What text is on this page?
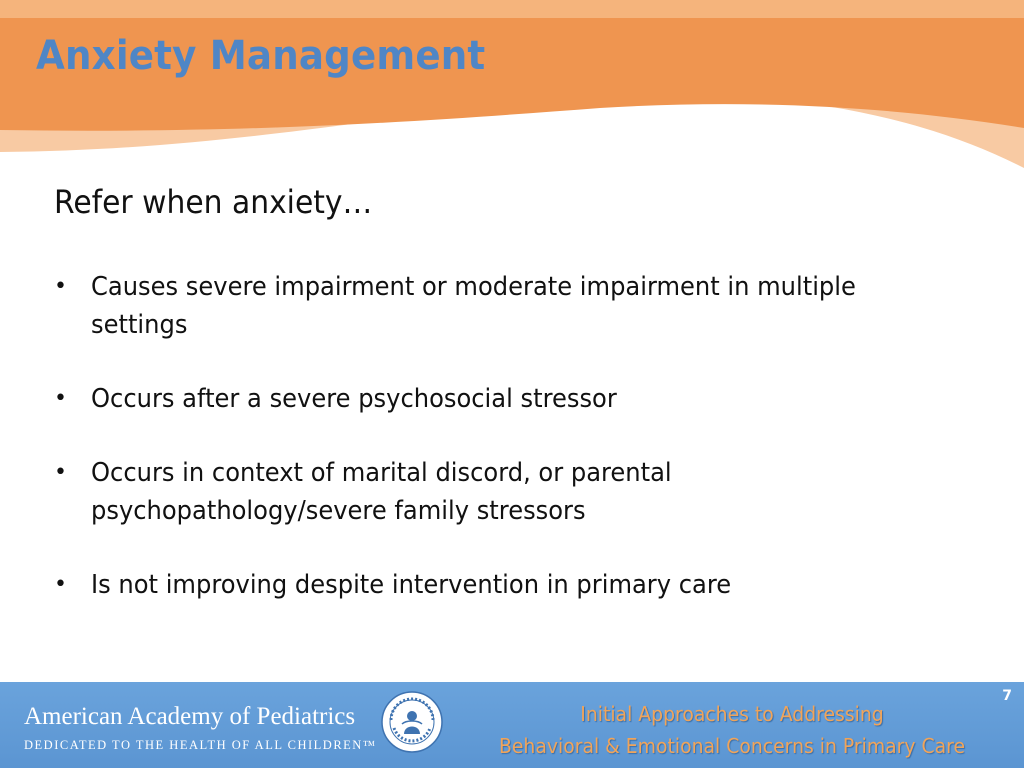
Anxiety Management
Refer when anxiety…
• Causes severe impairment or moderate impairment in multiple settings
• Occurs after a severe psychosocial stressor
• Occurs in context of marital discord, or parental psychopathology/severe family stressors
• Is not improving despite intervention in primary care
American Academy of Pediatrics
DEDICATED TO THE HEALTH OF ALL CHILDREN™
Initial Approaches to Addressing
Behavioral & Emotional Concerns in Primary Care
7
